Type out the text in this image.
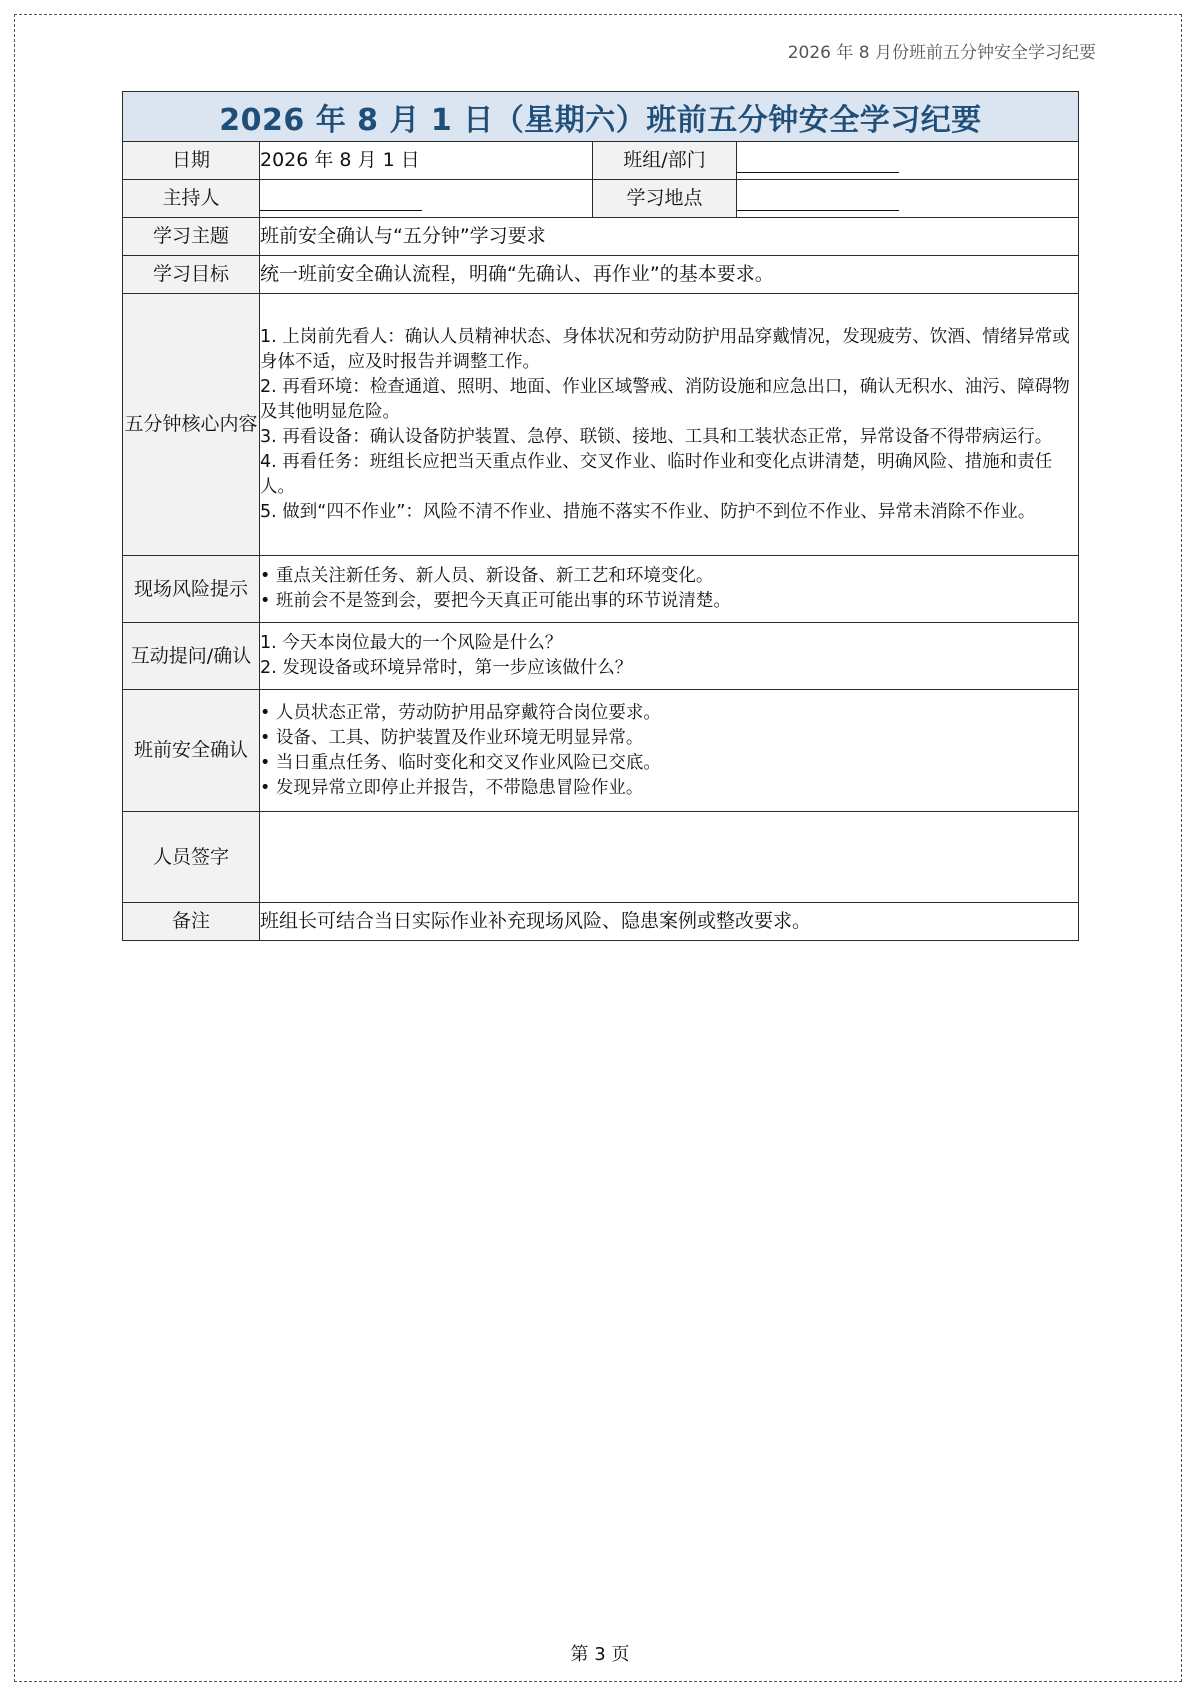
2026 年 8 月份班前五分钟安全学习纪要
2026 年 8 月 1 日（星期六）班前五分钟安全学习纪要			
日期	2026 年 8 月 1 日	班组/部门	
主持人		学习地点	
学习主题	班前安全确认与“五分钟”学习要求		
学习目标	统一班前安全确认流程，明确“先确认、再作业”的基本要求。		
五分钟核心内容	1. 上岗前先看人：确认人员精神状态、身体状况和劳动防护用品穿戴情况，发现疲劳、饮酒、情绪异常或身体不适，应及时报告并调整工作。
2. 再看环境：检查通道、照明、地面、作业区域警戒、消防设施和应急出口，确认无积水、油污、障碍物及其他明显危险。
3. 再看设备：确认设备防护装置、急停、联锁、接地、工具和工装状态正常，异常设备不得带病运行。
4. 再看任务：班组长应把当天重点作业、交叉作业、临时作业和变化点讲清楚，明确风险、措施和责任人。
5. 做到“四不作业”：风险不清不作业、措施不落实不作业、防护不到位不作业、异常未消除不作业。		

现场风险提示	• 重点关注新任务、新人员、新设备、新工艺和环境变化。
• 班前会不是签到会，要把今天真正可能出事的环节说清楚。		

互动提问/确认	1. 今天本岗位最大的一个风险是什么？
2. 发现设备或环境异常时，第一步应该做什么？		

班前安全确认	• 人员状态正常，劳动防护用品穿戴符合岗位要求。
• 设备、工具、防护装置及作业环境无明显异常。
• 当日重点任务、临时变化和交叉作业风险已交底。
• 发现异常立即停止并报告，不带隐患冒险作业。		

人员签字			
备注	班组长可结合当日实际作业补充现场风险、隐患案例或整改要求。		
第 3 页
